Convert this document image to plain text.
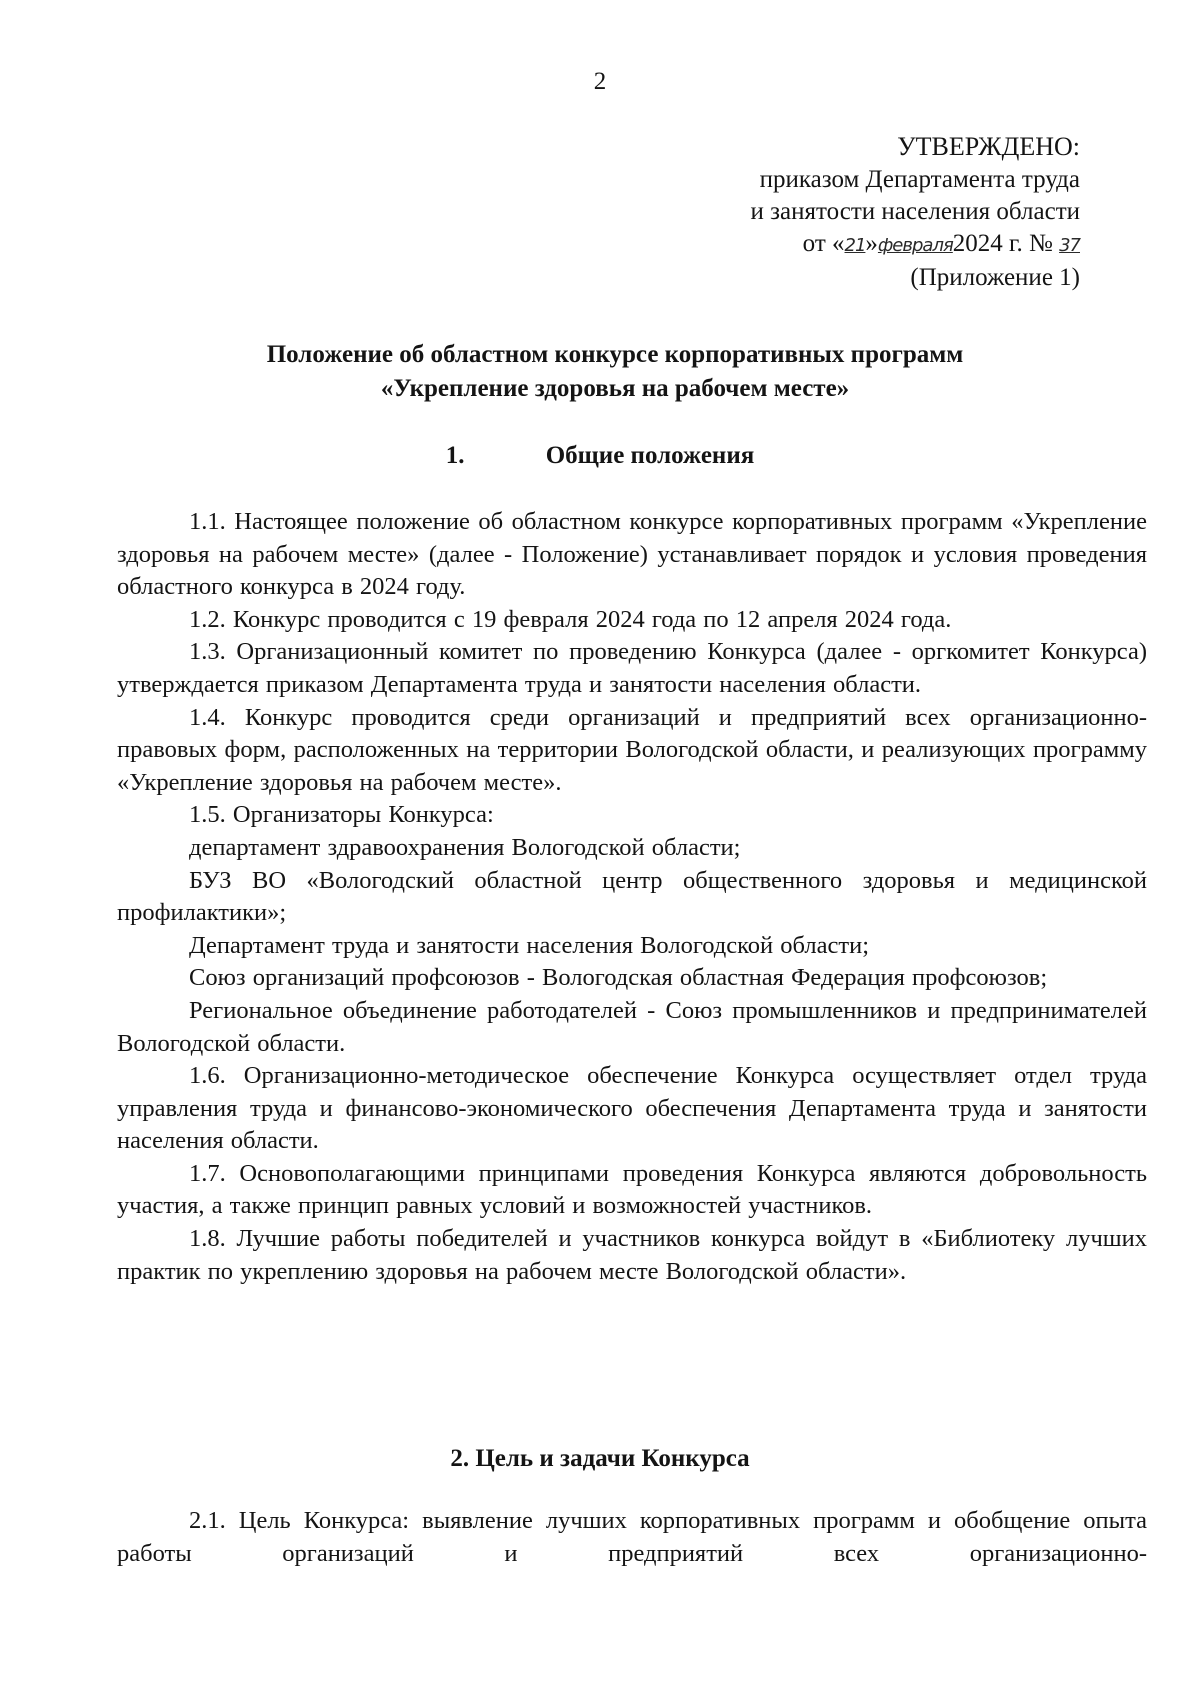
2
УТВЕРЖДЕНО:
приказом Департамента труда
и занятости населения области
от «21»февраля2024 г. № 37
(Приложение 1)
Положение об областном конкурсе корпоративных программ
«Укрепление здоровья на рабочем месте»
1.	Общие положения

1.1. Настоящее положение об областном конкурсе корпоративных программ «Укрепление здоровья на рабочем месте» (далее - Положение) устанавливает порядок и условия проведения областного конкурса в 2024 году.

1.2. Конкурс проводится с 19 февраля 2024 года по 12 апреля 2024 года.

1.3. Организационный комитет по проведению Конкурса (далее - оргкомитет Конкурса) утверждается приказом Департамента труда и занятости населения области.

1.4. Конкурс проводится среди организаций и предприятий всех организационно-правовых форм, расположенных на территории Вологодской области, и реализующих программу «Укрепление здоровья на рабочем месте».

1.5. Организаторы Конкурса:

департамент здравоохранения Вологодской области;

БУЗ ВО «Вологодский областной центр общественного здоровья и медицинской профилактики»;

Департамент труда и занятости населения Вологодской области;

Союз организаций профсоюзов - Вологодская областная Федерация профсоюзов;

Региональное объединение работодателей - Союз промышленников и предпринимателей Вологодской области.

1.6. Организационно-методическое обеспечение Конкурса осуществляет отдел труда управления труда и финансово-экономического обеспечения Департамента труда и занятости населения области.

1.7. Основополагающими принципами проведения Конкурса являются добровольность участия, а также принцип равных условий и возможностей участников.

1.8. Лучшие работы победителей и участников конкурса войдут в «Библиотеку лучших практик по укреплению здоровья на рабочем месте Вологодской области».

2. Цель и задачи Конкурса

2.1. Цель Конкурса: выявление лучших корпоративных программ и обобщение опыта работы организаций и предприятий всех организационно-
